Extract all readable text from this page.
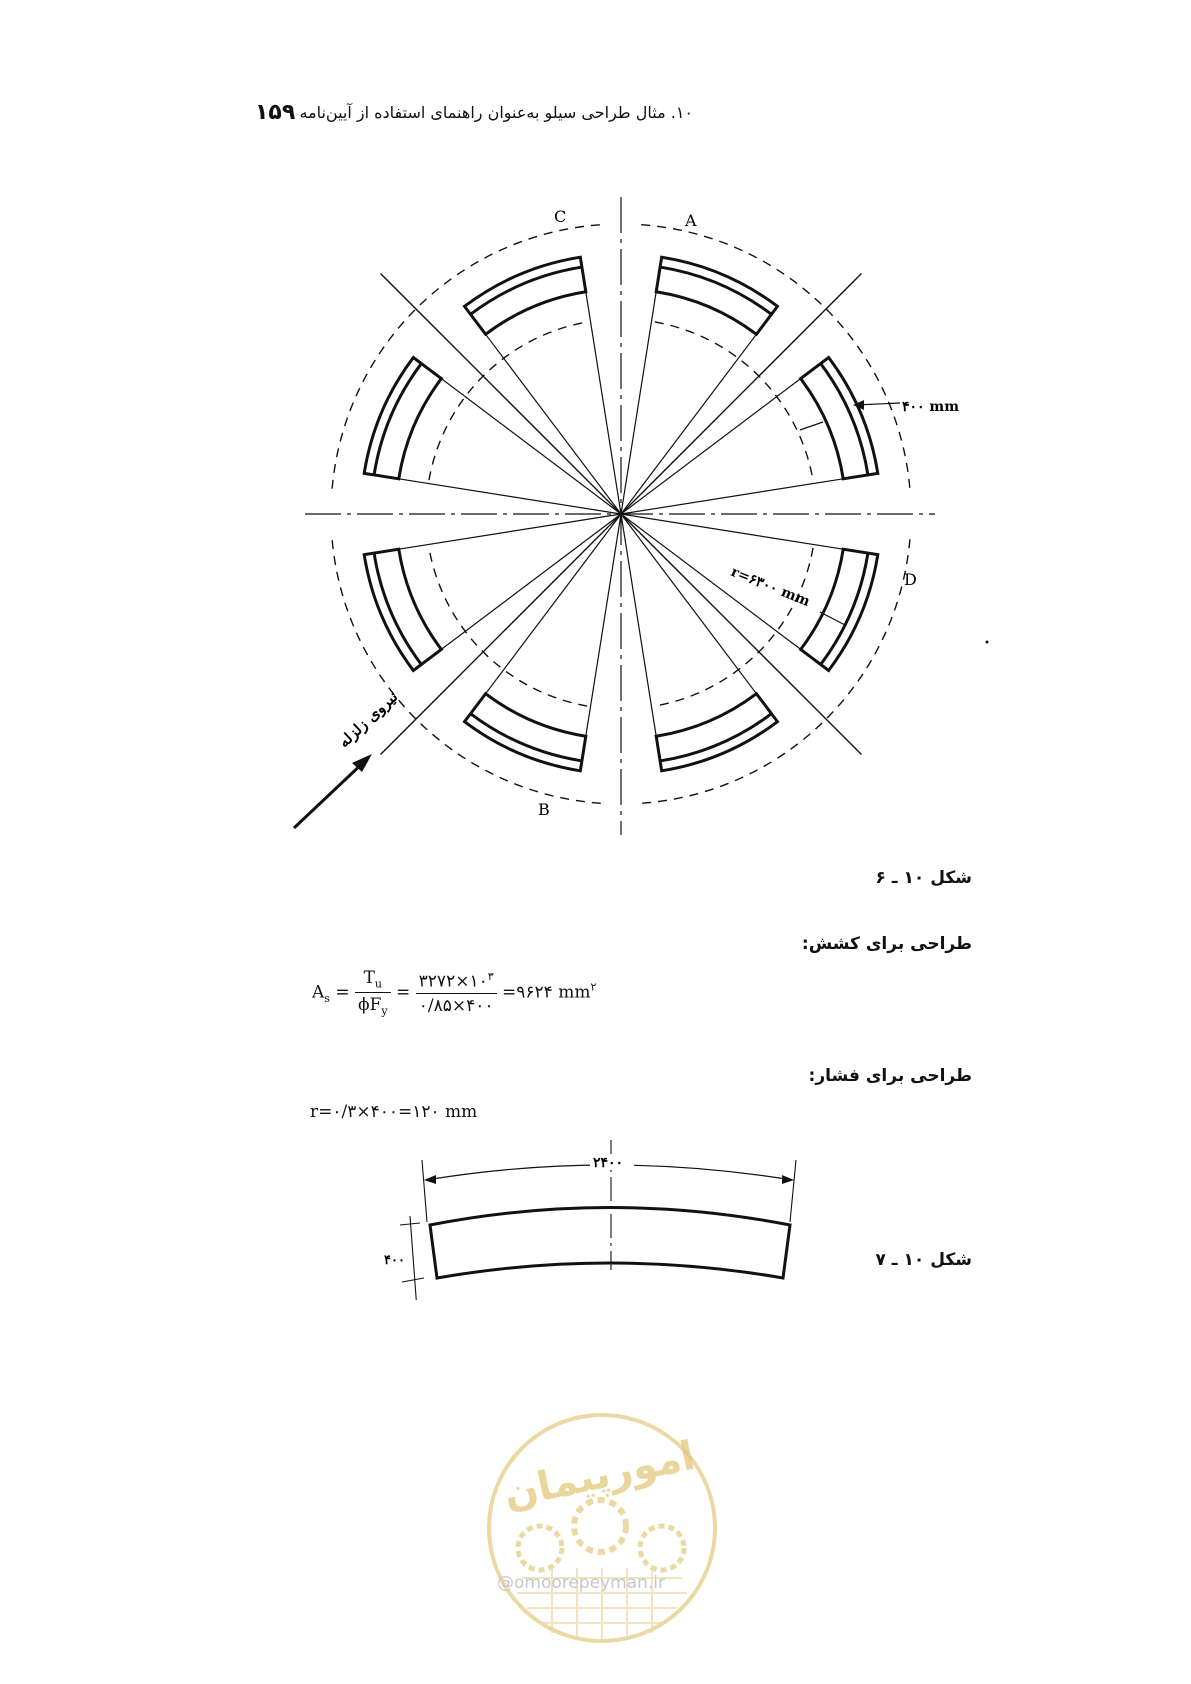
۱۵۹ ۱۰. مثال طراحی سیلو به‌عنوان راهنمای استفاده از آیین‌نامه
C	A
D
B
۴۰۰ mm
r=۶۳۰۰ mm
نیروی زلزله
شکل ۱۰ ـ ۶
طراحی برای کشش:
$A_s = \frac{T_u}{\phi F_y} = \frac{۳۲۷۲\times ۱۰^۳}{۰/۸۵\times ۴۰۰}$ =۹۶۲۴ $mm^۲$
طراحی برای فشار:
r=۰/۳×۴۰۰=۱۲۰ mm
۲۴۰۰
۴۰۰	شکل ۱۰ ـ ۷
امورپیمان
@omoorepeyman.ir
